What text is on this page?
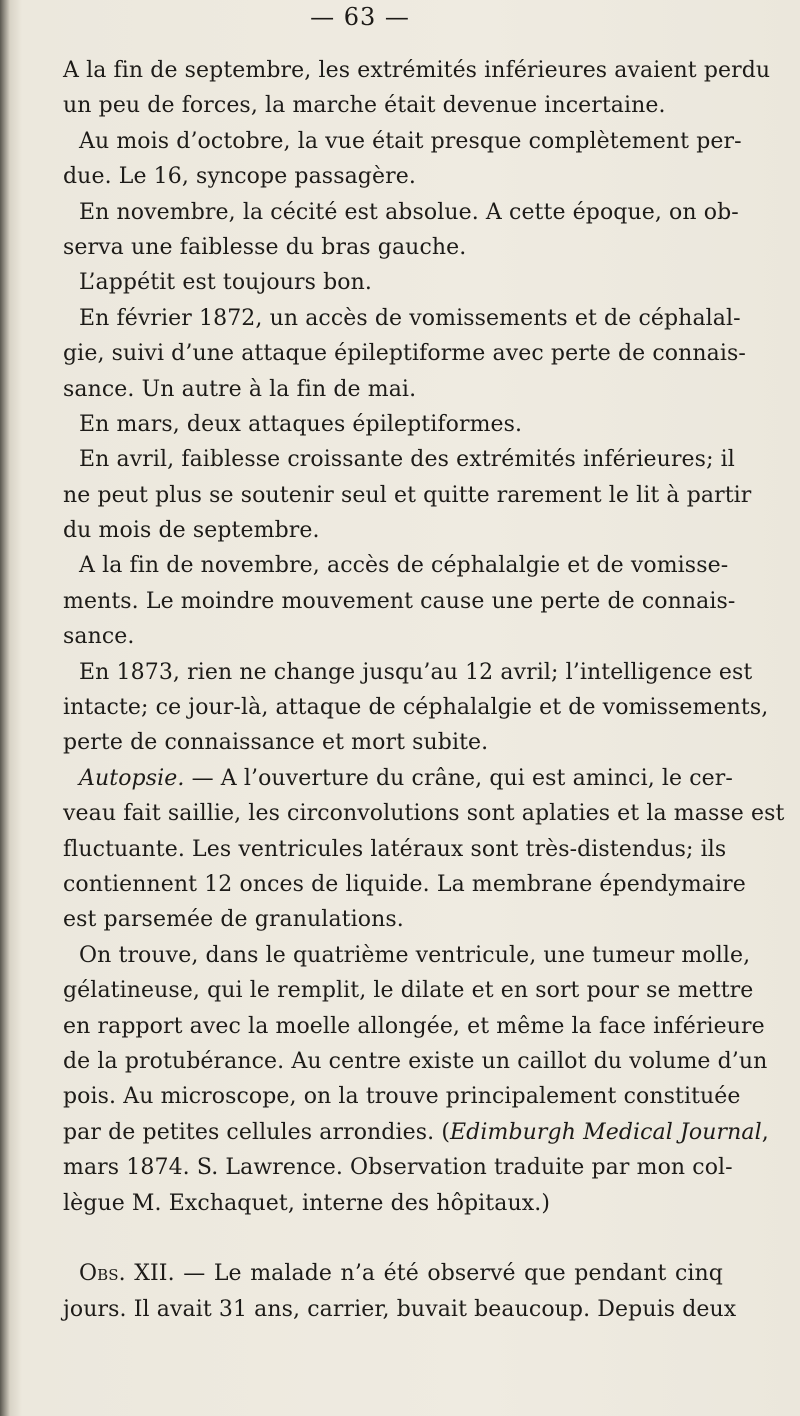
— 63 —
A la fin de septembre, les extrémités inférieures avaient perdu
un peu de forces, la marche était devenue incertaine.
Au mois d’octobre, la vue était presque complètement per-
due. Le 16, syncope passagère.
En novembre, la cécité est absolue. A cette époque, on ob-
serva une faiblesse du bras gauche.
L’appétit est toujours bon.
En février 1872, un accès de vomissements et de céphalal-
gie, suivi d’une attaque épileptiforme avec perte de connais-
sance. Un autre à la fin de mai.
En mars, deux attaques épileptiformes.
En avril, faiblesse croissante des extrémités inférieures; il
ne peut plus se soutenir seul et quitte rarement le lit à partir
du mois de septembre.
A la fin de novembre, accès de céphalalgie et de vomisse-
ments. Le moindre mouvement cause une perte de connais-
sance.
En 1873, rien ne change jusqu’au 12 avril; l’intelligence est
intacte; ce jour-là, attaque de céphalalgie et de vomissements,
perte de connaissance et mort subite.
Autopsie. — A l’ouverture du crâne, qui est aminci, le cer-
veau fait saillie, les circonvolutions sont aplaties et la masse est
fluctuante. Les ventricules latéraux sont très-distendus; ils
contiennent 12 onces de liquide. La membrane épendymaire
est parsemée de granulations.
On trouve, dans le quatrième ventricule, une tumeur molle,
gélatineuse, qui le remplit, le dilate et en sort pour se mettre
en rapport avec la moelle allongée, et même la face inférieure
de la protubérance. Au centre existe un caillot du volume d’un
pois. Au microscope, on la trouve principalement constituée
par de petites cellules arrondies. (Edimburgh Medical Journal,
mars 1874. S. Lawrence. Observation traduite par mon col-
lègue M. Exchaquet, interne des hôpitaux.)
Obs. XII. — Le malade n’a été observé que pendant cinq
jours. Il avait 31 ans, carrier, buvait beaucoup. Depuis deux
